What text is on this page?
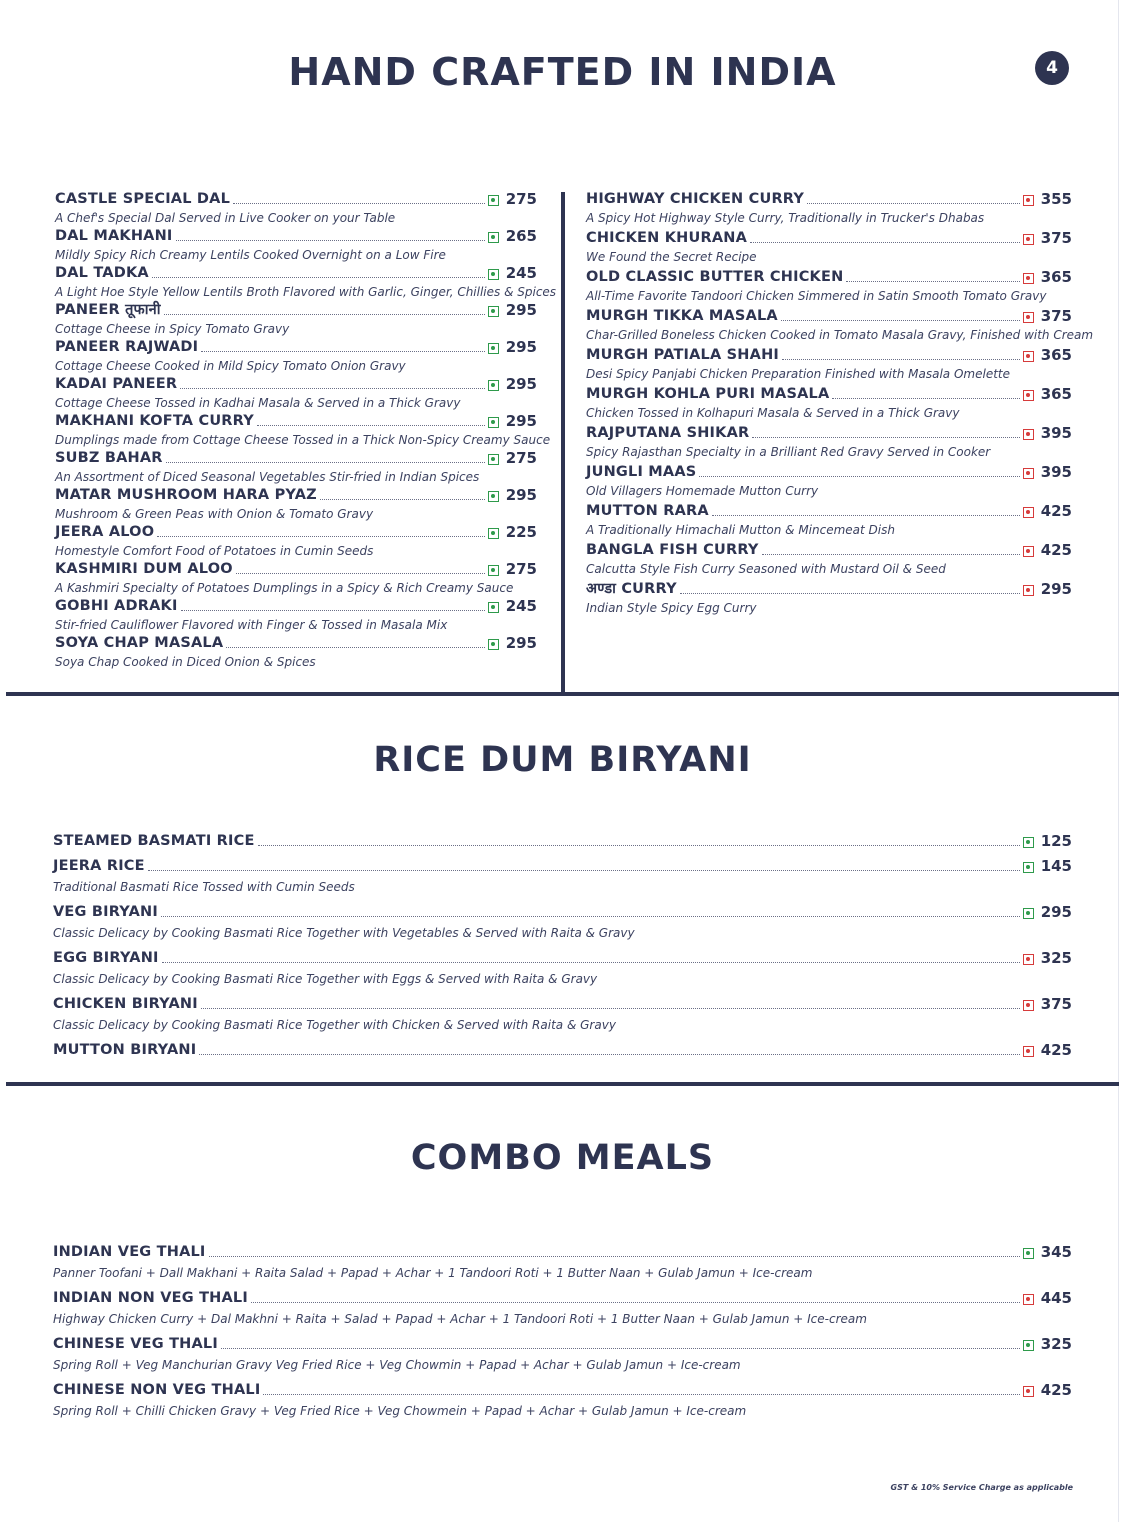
HAND CRAFTED IN INDIA	4
CASTLE SPECIAL DAL	275
A Chef's Special Dal Served in Live Cooker on your Table
DAL MAKHANI	265
Mildly Spicy Rich Creamy Lentils Cooked Overnight on a Low Fire
DAL TADKA	245
A Light Hoe Style Yellow Lentils Broth Flavored with Garlic, Ginger, Chillies & Spices
PANEER तूफानी	295
Cottage Cheese in Spicy Tomato Gravy
PANEER RAJWADI	295
Cottage Cheese Cooked in Mild Spicy Tomato Onion Gravy
KADAI PANEER	295
Cottage Cheese Tossed in Kadhai Masala & Served in a Thick Gravy
MAKHANI KOFTA CURRY	295
Dumplings made from Cottage Cheese Tossed in a Thick Non-Spicy Creamy Sauce
SUBZ BAHAR	275
An Assortment of Diced Seasonal Vegetables Stir-fried in Indian Spices
MATAR MUSHROOM HARA PYAZ	295
Mushroom & Green Peas with Onion & Tomato Gravy
JEERA ALOO	225
Homestyle Comfort Food of Potatoes in Cumin Seeds
KASHMIRI DUM ALOO	275
A Kashmiri Specialty of Potatoes Dumplings in a Spicy & Rich Creamy Sauce
GOBHI ADRAKI	245
Stir-fried Cauliflower Flavored with Finger & Tossed in Masala Mix
SOYA CHAP MASALA	295
Soya Chap Cooked in Diced Onion & Spices
HIGHWAY CHICKEN CURRY	355
A Spicy Hot Highway Style Curry, Traditionally in Trucker's Dhabas
CHICKEN KHURANA	375
We Found the Secret Recipe
OLD CLASSIC BUTTER CHICKEN	365
All-Time Favorite Tandoori Chicken Simmered in Satin Smooth Tomato Gravy
MURGH TIKKA MASALA	375
Char-Grilled Boneless Chicken Cooked in Tomato Masala Gravy, Finished with Cream
MURGH PATIALA SHAHI	365
Desi Spicy Panjabi Chicken Preparation Finished with Masala Omelette
MURGH KOHLA PURI MASALA	365
Chicken Tossed in Kolhapuri Masala & Served in a Thick Gravy
RAJPUTANA SHIKAR	395
Spicy Rajasthan Specialty in a Brilliant Red Gravy Served in Cooker
JUNGLI MAAS	395
Old Villagers Homemade Mutton Curry
MUTTON RARA	425
A Traditionally Himachali Mutton & Mincemeat Dish
BANGLA FISH CURRY	425
Calcutta Style Fish Curry Seasoned with Mustard Oil & Seed
अण्डा CURRY	295
Indian Style Spicy Egg Curry
RICE DUM BIRYANI
STEAMED BASMATI RICE	125
JEERA RICE	145
Traditional Basmati Rice Tossed with Cumin Seeds
VEG BIRYANI	295
Classic Delicacy by Cooking Basmati Rice Together with Vegetables & Served with Raita & Gravy
EGG BIRYANI	325
Classic Delicacy by Cooking Basmati Rice Together with Eggs & Served with Raita & Gravy
CHICKEN BIRYANI	375
Classic Delicacy by Cooking Basmati Rice Together with Chicken & Served with Raita & Gravy
MUTTON BIRYANI	425
COMBO MEALS
INDIAN VEG THALI	345
Panner Toofani + Dall Makhani + Raita Salad + Papad + Achar + 1 Tandoori Roti + 1 Butter Naan + Gulab Jamun + Ice-cream
INDIAN NON VEG THALI	445
Highway Chicken Curry + Dal Makhni + Raita + Salad + Papad + Achar + 1 Tandoori Roti + 1 Butter Naan + Gulab Jamun + Ice-cream
CHINESE VEG THALI	325
Spring Roll + Veg Manchurian Gravy Veg Fried Rice + Veg Chowmin + Papad + Achar + Gulab Jamun + Ice-cream
CHINESE NON VEG THALI	425
Spring Roll + Chilli Chicken Gravy + Veg Fried Rice + Veg Chowmein + Papad + Achar + Gulab Jamun + Ice-cream
GST & 10% Service Charge as applicable
